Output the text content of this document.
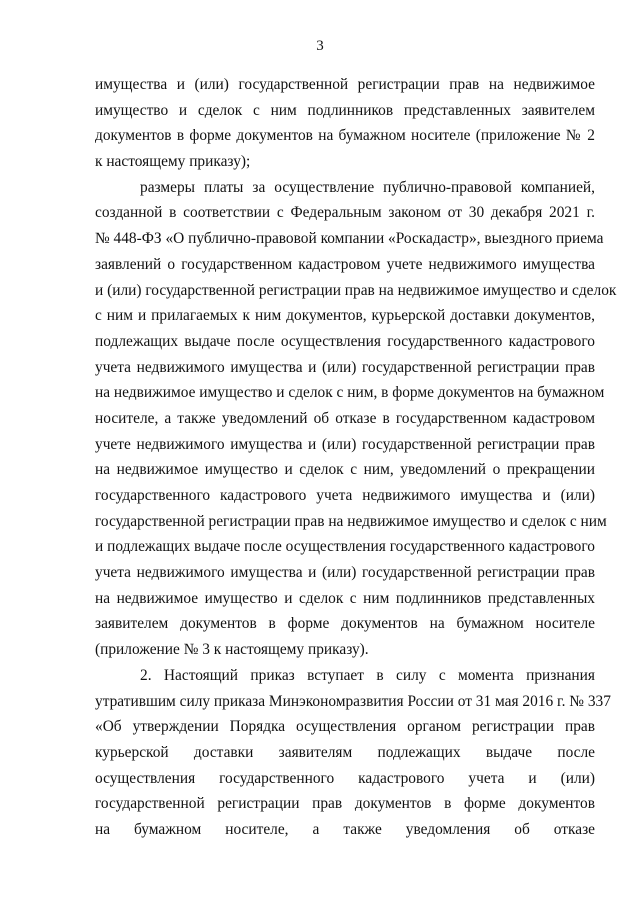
3
имущества и (или) государственной регистрации прав на недвижимое
имущество и сделок с ним подлинников представленных заявителем
документов в форме документов на бумажном носителе (приложение № 2
к настоящему приказу);
размеры платы за осуществление публично-правовой компанией,
созданной в соответствии с Федеральным законом от 30 декабря 2021 г.
№ 448-ФЗ «О публично-правовой компании «Роскадастр», выездного приема
заявлений о государственном кадастровом учете недвижимого имущества
и (или) государственной регистрации прав на недвижимое имущество и сделок
с ним и прилагаемых к ним документов, курьерской доставки документов,
подлежащих выдаче после осуществления государственного кадастрового
учета недвижимого имущества и (или) государственной регистрации прав
на недвижимое имущество и сделок с ним, в форме документов на бумажном
носителе, а также уведомлений об отказе в государственном кадастровом
учете недвижимого имущества и (или) государственной регистрации прав
на недвижимое имущество и сделок с ним, уведомлений о прекращении
государственного кадастрового учета недвижимого имущества и (или)
государственной регистрации прав на недвижимое имущество и сделок с ним
и подлежащих выдаче после осуществления государственного кадастрового
учета недвижимого имущества и (или) государственной регистрации прав
на недвижимое имущество и сделок с ним подлинников представленных
заявителем документов в форме документов на бумажном носителе
(приложение № 3 к настоящему приказу).
2. Настоящий приказ вступает в силу с момента признания
утратившим силу приказа Минэкономразвития России от 31 мая 2016 г. № 337
«Об утверждении Порядка осуществления органом регистрации прав
курьерской доставки заявителям подлежащих выдаче после
осуществления государственного кадастрового учета и (или)
государственной регистрации прав документов в форме документов
на бумажном носителе, а также уведомления об отказе
